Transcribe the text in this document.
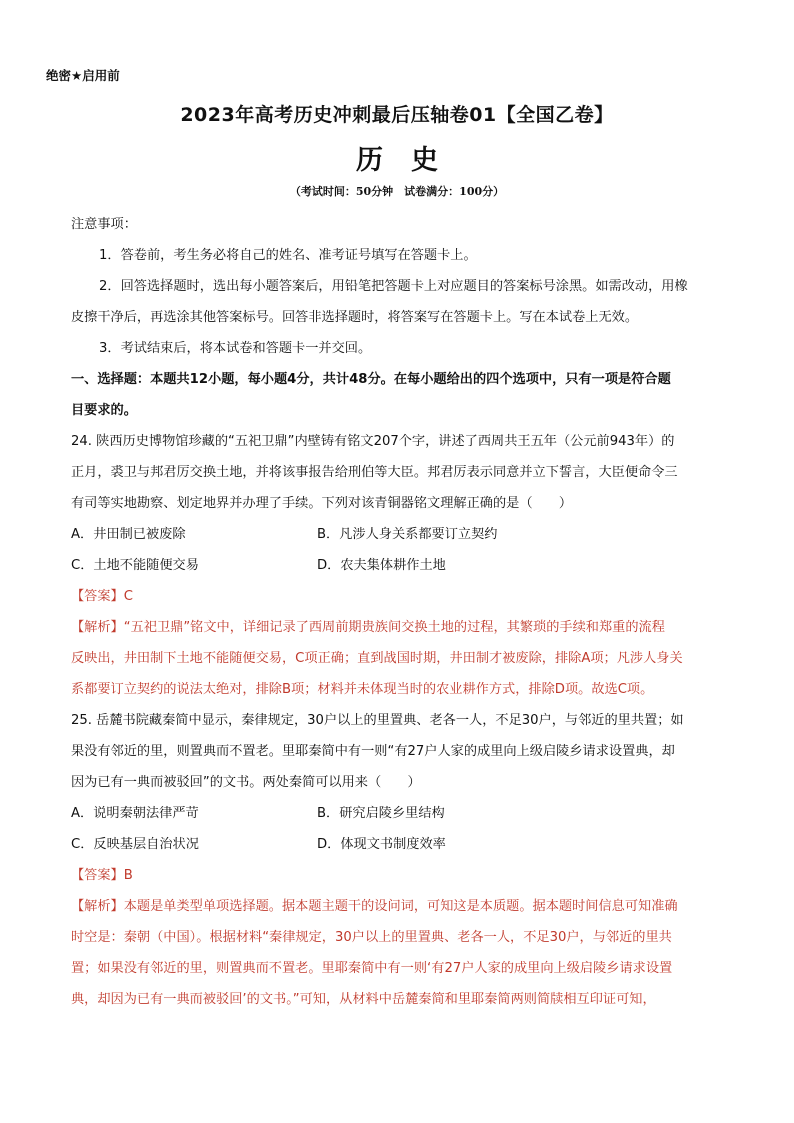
绝密★启用前
2023年高考历史冲刺最后压轴卷01【全国乙卷】
历史
（考试时间：50分钟　试卷满分：100分）
注意事项：
1．答卷前，考生务必将自己的姓名、准考证号填写在答题卡上。
2．回答选择题时，选出每小题答案后，用铅笔把答题卡上对应题目的答案标号涂黑。如需改动，用橡
皮擦干净后，再选涂其他答案标号。回答非选择题时，将答案写在答题卡上。写在本试卷上无效。
3．考试结束后，将本试卷和答题卡一并交回。
一、选择题：本题共12小题，每小题4分，共计48分。在每小题给出的四个选项中，只有一项是符合题
目要求的。
24. 陕西历史博物馆珍藏的“五祀卫鼎”内壁铸有铭文207个字，讲述了西周共王五年（公元前943年）的
正月，裘卫与邦君厉交换土地，并将该事报告给刑伯等大臣。邦君厉表示同意并立下誓言，大臣便命令三
有司等实地勘察、划定地界并办理了手续。下列对该青铜器铭文理解正确的是（　　）
A．井田制已被废除	B．凡涉人身关系都要订立契约
C．土地不能随便交易	D．农夫集体耕作土地
【答案】C
【解析】“五祀卫鼎”铭文中，详细记录了西周前期贵族间交换土地的过程，其繁琐的手续和郑重的流程
反映出，井田制下土地不能随便交易，C项正确；直到战国时期，井田制才被废除，排除A项；凡涉人身关
系都要订立契约的说法太绝对，排除B项；材料并未体现当时的农业耕作方式，排除D项。故选C项。
25. 岳麓书院藏秦简中显示，秦律规定，30户以上的里置典、老各一人，不足30户，与邻近的里共置；如
果没有邻近的里，则置典而不置老。里耶秦简中有一则“有27户人家的成里向上级启陵乡请求设置典，却
因为已有一典而被驳回”的文书。两处秦简可以用来（　　）
A．说明秦朝法律严苛	B．研究启陵乡里结构
C．反映基层自治状况	D．体现文书制度效率
【答案】B
【解析】本题是单类型单项选择题。据本题主题干的设问词，可知这是本质题。据本题时间信息可知准确
时空是：秦朝（中国）。根据材料“秦律规定，30户以上的里置典、老各一人，不足30户，与邻近的里共
置；如果没有邻近的里，则置典而不置老。里耶秦简中有一则‘有27户人家的成里向上级启陵乡请求设置
典，却因为已有一典而被驳回’的文书。”可知，从材料中岳麓秦简和里耶秦简两则简牍相互印证可知，
